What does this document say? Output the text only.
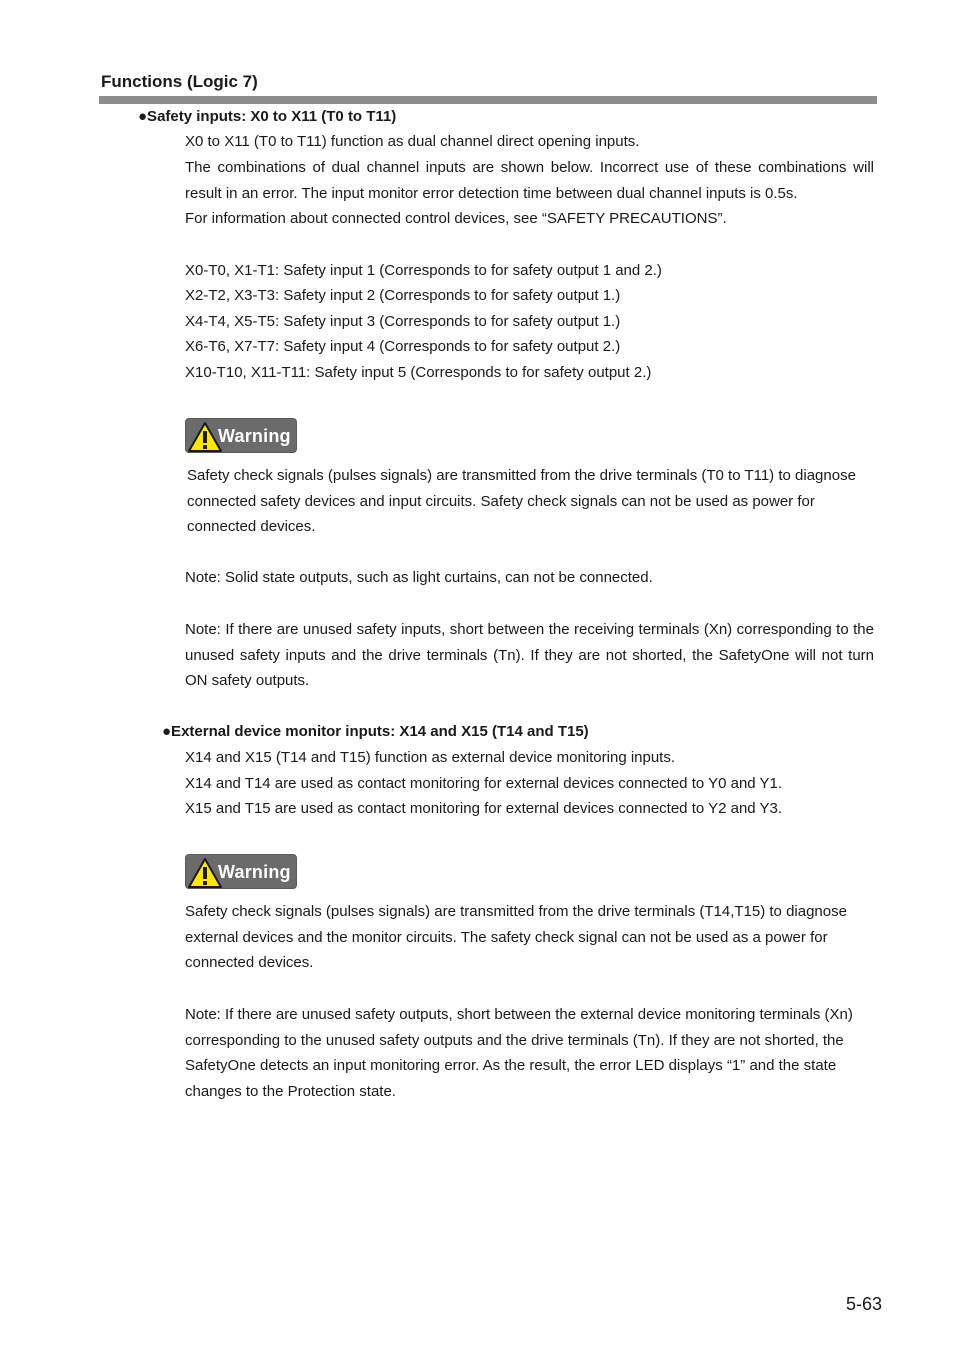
Functions (Logic 7)
●Safety inputs: X0 to X11 (T0 to T11)
X0 to X11 (T0 to T11) function as dual channel direct opening inputs.
The combinations of dual channel inputs are shown below. Incorrect use of these combinations will result in an error. The input monitor error detection time between dual channel inputs is 0.5s.
For information about connected control devices, see “SAFETY PRECAUTIONS”.
X0-T0, X1-T1: Safety input 1 (Corresponds to for safety output 1 and 2.)
X2-T2, X3-T3: Safety input 2 (Corresponds to for safety output 1.)
X4-T4, X5-T5: Safety input 3 (Corresponds to for safety output 1.)
X6-T6, X7-T7: Safety input 4 (Corresponds to for safety output 2.)
X10-T10, X11-T11: Safety input 5 (Corresponds to for safety output 2.)
Warning
Safety check signals (pulses signals) are transmitted from the drive terminals (T0 to T11) to diagnose connected safety devices and input circuits. Safety check signals can not be used as power for connected devices.
Note: Solid state outputs, such as light curtains, can not be connected.
Note: If there are unused safety inputs, short between the receiving terminals (Xn) corresponding to the unused safety inputs and the drive terminals (Tn). If they are not shorted, the SafetyOne will not turn ON safety outputs.
●External device monitor inputs: X14 and X15 (T14 and T15)
X14 and X15 (T14 and T15) function as external device monitoring inputs.
X14 and T14 are used as contact monitoring for external devices connected to Y0 and Y1.
X15 and T15 are used as contact monitoring for external devices connected to Y2 and Y3.
Warning
Safety check signals (pulses signals) are transmitted from the drive terminals (T14,T15) to diagnose external devices and the monitor circuits. The safety check signal can not be used as a power for connected devices.
Note: If there are unused safety outputs, short between the external device monitoring terminals (Xn) corresponding to the unused safety outputs and the drive terminals (Tn). If they are not shorted, the SafetyOne detects an input monitoring error. As the result, the error LED displays “1” and the state changes to the Protection state.
5-63
